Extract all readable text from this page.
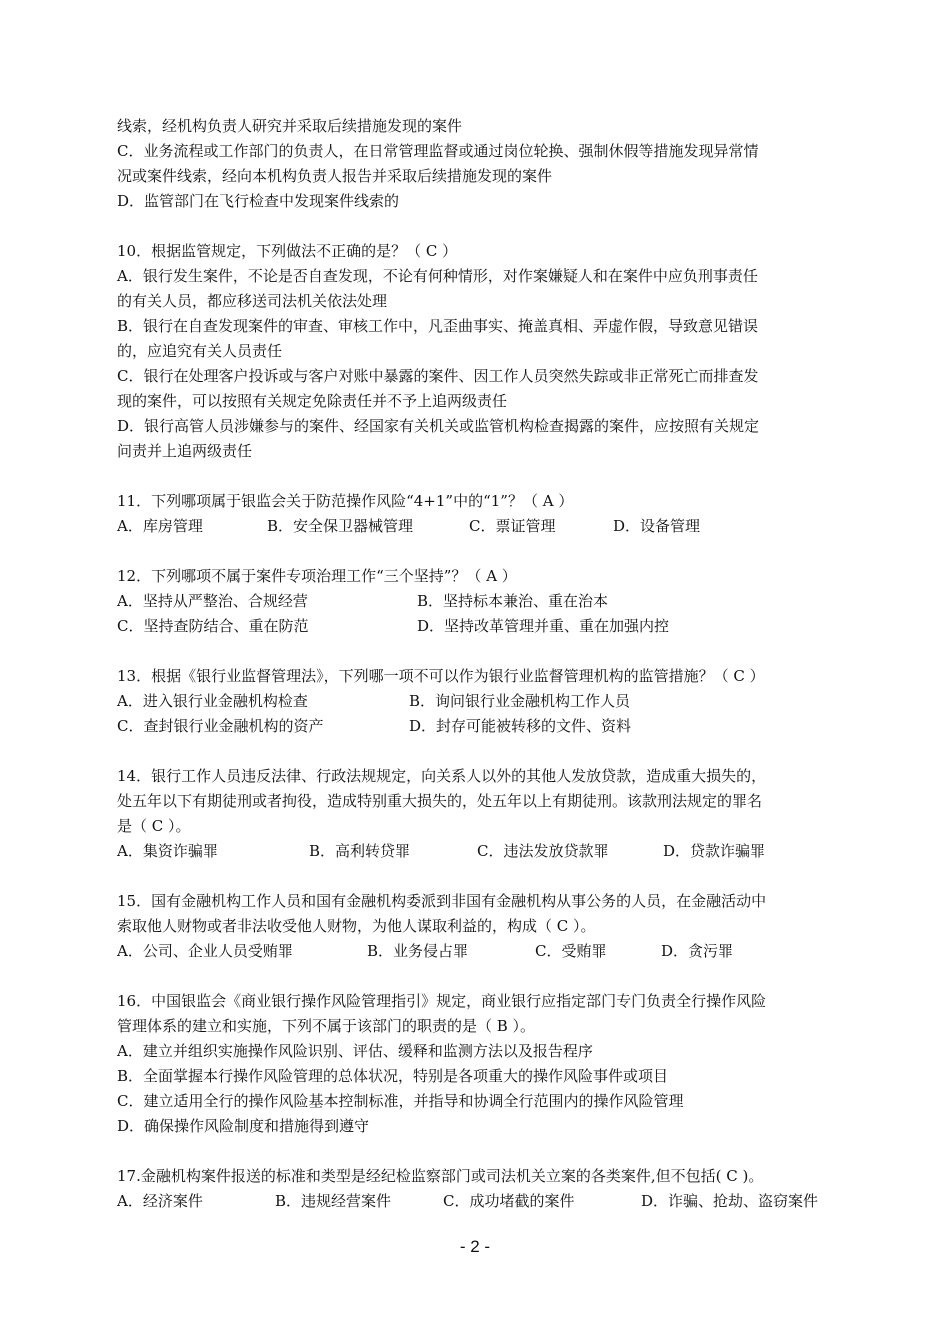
线索，经机构负责人研究并采取后续措施发现的案件
C．业务流程或工作部门的负责人，在日常管理监督或通过岗位轮换、强制休假等措施发现异常情
况或案件线索，经向本机构负责人报告并采取后续措施发现的案件
D．监管部门在飞行检查中发现案件线索的
10．根据监管规定，下列做法不正确的是？（ C ）
A．银行发生案件，不论是否自查发现，不论有何种情形，对作案嫌疑人和在案件中应负刑事责任
的有关人员，都应移送司法机关依法处理
B．银行在自查发现案件的审查、审核工作中，凡歪曲事实、掩盖真相、弄虚作假，导致意见错误
的，应追究有关人员责任
C．银行在处理客户投诉或与客户对账中暴露的案件、因工作人员突然失踪或非正常死亡而排查发
现的案件，可以按照有关规定免除责任并不予上追两级责任
D．银行高管人员涉嫌参与的案件、经国家有关机关或监管机构检查揭露的案件，应按照有关规定
问责并上追两级责任
11．下列哪项属于银监会关于防范操作风险“4+1”中的“1”？（ A ）
A．库房管理	B．安全保卫器械管理	C．票证管理	D．设备管理
12．下列哪项不属于案件专项治理工作“三个坚持”？（ A ）
A．坚持从严整治、合规经营	B．坚持标本兼治、重在治本
C．坚持查防结合、重在防范	D．坚持改革管理并重、重在加强内控
13．根据《银行业监督管理法》，下列哪一项不可以作为银行业监督管理机构的监管措施？（ C ）
A．进入银行业金融机构检查	B．询问银行业金融机构工作人员
C．查封银行业金融机构的资产	D．封存可能被转移的文件、资料
14．银行工作人员违反法律、行政法规规定，向关系人以外的其他人发放贷款，造成重大损失的，
处五年以下有期徒刑或者拘役，造成特别重大损失的，处五年以上有期徒刑。该款刑法规定的罪名
是（ C ）。
A．集资诈骗罪	B．高利转贷罪	C．违法发放贷款罪	D．贷款诈骗罪
15．国有金融机构工作人员和国有金融机构委派到非国有金融机构从事公务的人员，在金融活动中
索取他人财物或者非法收受他人财物，为他人谋取利益的，构成（ C ）。
A．公司、企业人员受贿罪	B．业务侵占罪	C．受贿罪	D．贪污罪
16．中国银监会《商业银行操作风险管理指引》规定，商业银行应指定部门专门负责全行操作风险
管理体系的建立和实施，下列不属于该部门的职责的是（ B ）。
A．建立并组织实施操作风险识别、评估、缓释和监测方法以及报告程序
B．全面掌握本行操作风险管理的总体状况，特别是各项重大的操作风险事件或项目
C．建立适用全行的操作风险基本控制标准，并指导和协调全行范围内的操作风险管理
D．确保操作风险制度和措施得到遵守
17.金融机构案件报送的标准和类型是经纪检监察部门或司法机关立案的各类案件,但不包括( C )。
A．经济案件	B．违规经营案件	C．成功堵截的案件	D．诈骗、抢劫、盗窃案件
- 2 -
